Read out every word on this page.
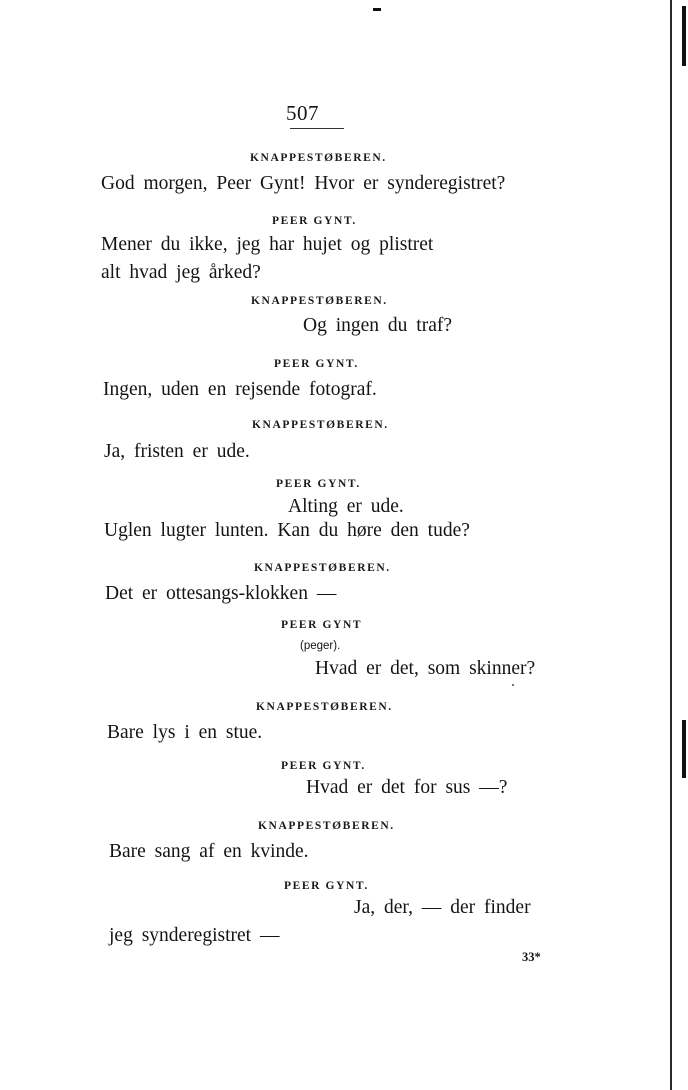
507
KNAPPESTØBEREN.
God morgen, Peer Gynt! Hvor er synderegistret?
PEER GYNT.
Mener du ikke, jeg har hujet og plistret
alt hvad jeg årked?
KNAPPESTØBEREN.
Og ingen du traf?
PEER GYNT.
Ingen, uden en rejsende fotograf.
KNAPPESTØBEREN.
Ja, fristen er ude.
PEER GYNT.
Alting er ude.
Uglen lugter lunten. Kan du høre den tude?
KNAPPESTØBEREN.
Det er ottesangs-klokken —
PEER GYNT
(peger).
Hvad er det, som skinner?
KNAPPESTØBEREN.
Bare lys i en stue.
PEER GYNT.
Hvad er det for sus —?
KNAPPESTØBEREN.
Bare sang af en kvinde.
PEER GYNT.
Ja, der, — der finder
jeg synderegistret —
33*
